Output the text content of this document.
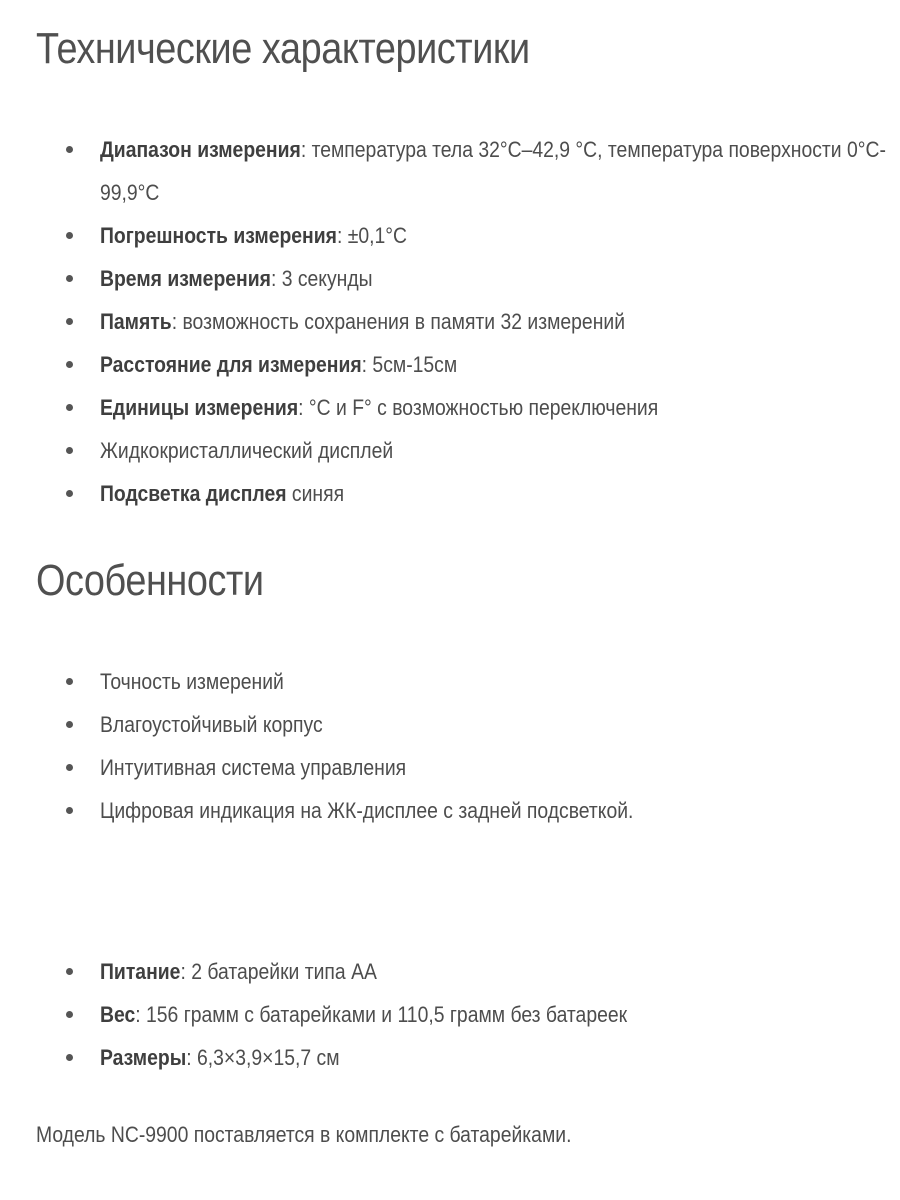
Технические характеристики
Диапазон измерения: температура тела 32°C–42,9 °C, температура поверхности 0°C-
99,9°C
Погрешность измерения: ±0,1°С
Время измерения: 3 секунды
Память: возможность сохранения в памяти 32 измерений
Расстояние для измерения: 5см-15см
Единицы измерения: °C и F° с возможностью переключения
Жидкокристаллический дисплей
Подсветка дисплея синяя
Особенности
Точность измерений
Влагоустойчивый корпус
Интуитивная система управления
Цифровая индикация на ЖК-дисплее с задней подсветкой.
Питание: 2 батарейки типа АА
Вес: 156 грамм с батарейками и 110,5 грамм без батареек
Размеры: 6,3×3,9×15,7 см

Модель NC-9900 поставляется в комплекте с батарейками.
